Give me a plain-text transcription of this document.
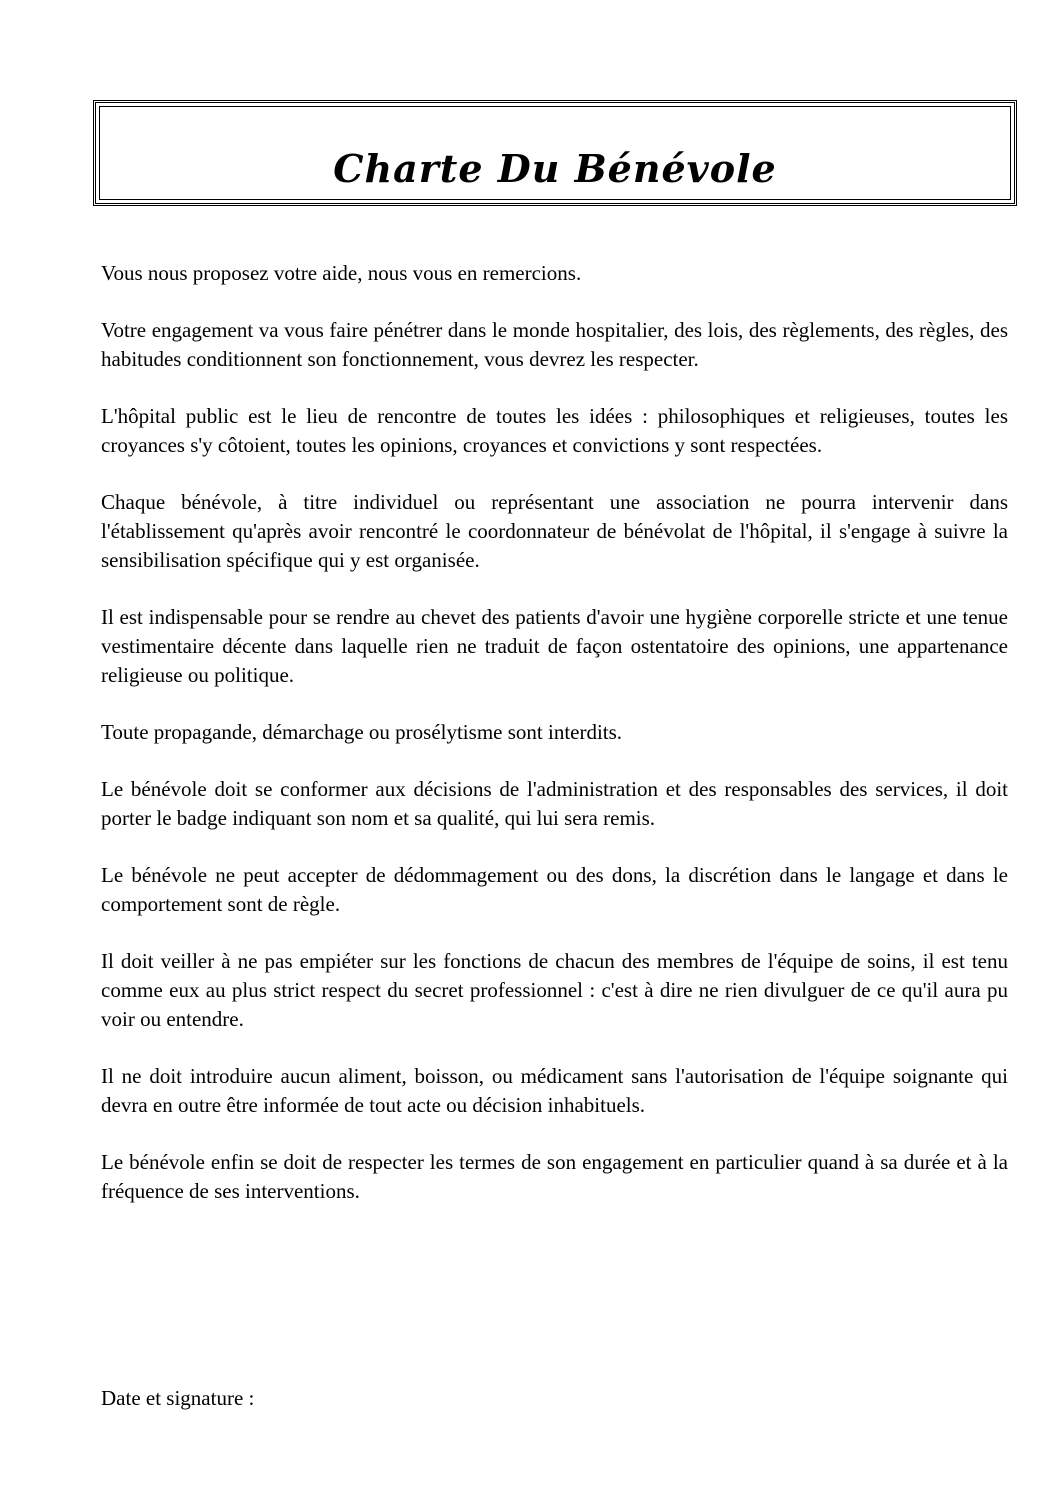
Charte Du Bénévole

Vous nous proposez votre aide, nous vous en remercions.

Votre engagement va vous faire pénétrer dans le monde hospitalier, des lois, des règlements, des règles, des habitudes conditionnent son fonctionnement, vous devrez les respecter.

L'hôpital public est le lieu de rencontre de toutes les idées : philosophiques et religieuses, toutes les croyances s'y côtoient, toutes les opinions, croyances et convictions y sont respectées.

Chaque bénévole, à titre individuel ou représentant une association ne pourra intervenir dans l'établissement qu'après avoir rencontré le coordonnateur de bénévolat de l'hôpital, il s'engage à suivre la sensibilisation spécifique qui y est organisée.

Il est indispensable pour se rendre au chevet des patients d'avoir une hygiène corporelle stricte et une tenue vestimentaire décente dans laquelle rien ne traduit de façon ostentatoire des opinions, une appartenance religieuse ou politique.

Toute propagande, démarchage ou prosélytisme sont interdits.

Le bénévole doit se conformer aux décisions de l'administration et des responsables des services, il doit porter le badge indiquant son nom et sa qualité, qui lui sera remis.

Le bénévole ne peut accepter de dédommagement ou des dons, la discrétion dans le langage et dans le comportement sont de règle.

Il doit veiller à ne pas empiéter sur les fonctions de chacun des membres de l'équipe de soins, il est tenu comme eux au plus strict respect du secret professionnel : c'est à dire ne rien divulguer de ce qu'il aura pu voir ou entendre.

Il ne doit introduire aucun aliment, boisson, ou médicament sans l'autorisation de l'équipe soignante qui devra en outre être informée de tout acte ou décision inhabituels.

Le bénévole enfin se doit de respecter les termes de son engagement en particulier quand à sa durée et à la fréquence de ses interventions.

Date et signature :
